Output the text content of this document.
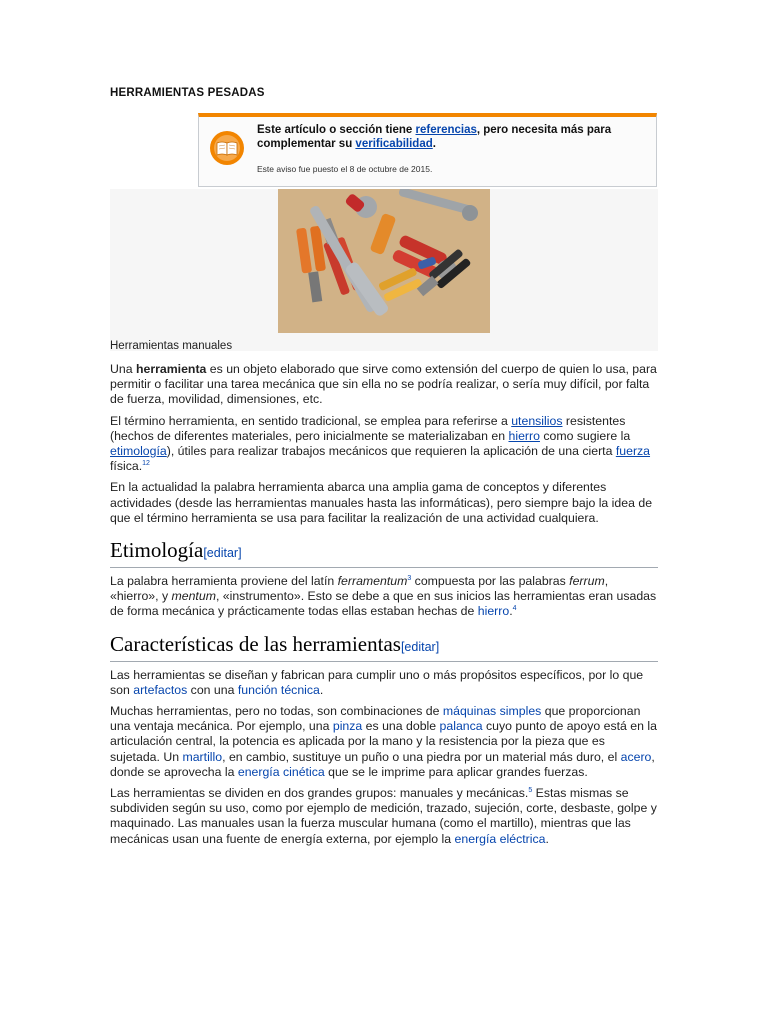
HERRAMIENTAS PESADAS
Este artículo o sección tiene referencias, pero necesita más para complementar su verificabilidad.
Este aviso fue puesto el 8 de octubre de 2015.
Herramientas manuales

Una herramienta es un objeto elaborado que sirve como extensión del cuerpo de quien lo usa, para permitir o facilitar una tarea mecánica que sin ella no se podría realizar, o sería muy difícil, por falta de fuerza, movilidad, dimensiones, etc.

El término herramienta, en sentido tradicional, se emplea para referirse a utensilios resistentes (hechos de diferentes materiales, pero inicialmente se materializaban en hierro como sugiere la etimología), útiles para realizar trabajos mecánicos que requieren la aplicación de una cierta fuerza física.$^{12}$

En la actualidad la palabra herramienta abarca una amplia gama de conceptos y diferentes actividades (desde las herramientas manuales hasta las informáticas), pero siempre bajo la idea de que el término herramienta se usa para facilitar la realización de una actividad cualquiera.

Etimología[editar]

La palabra herramienta proviene del latín ferramentum$^3$ compuesta por las palabras ferrum, «hierro», y mentum, «instrumento». Esto se debe a que en sus inicios las herramientas eran usadas de forma mecánica y prácticamente todas ellas estaban hechas de hierro.$^4$

Características de las herramientas[editar]

Las herramientas se diseñan y fabrican para cumplir uno o más propósitos específicos, por lo que son artefactos con una función técnica.

Muchas herramientas, pero no todas, son combinaciones de máquinas simples que proporcionan una ventaja mecánica. Por ejemplo, una pinza es una doble palanca cuyo punto de apoyo está en la articulación central, la potencia es aplicada por la mano y la resistencia por la pieza que es sujetada. Un martillo, en cambio, sustituye un puño o una piedra por un material más duro, el acero, donde se aprovecha la energía cinética que se le imprime para aplicar grandes fuerzas.

Las herramientas se dividen en dos grandes grupos: manuales y mecánicas.$^5$ Estas mismas se subdividen según su uso, como por ejemplo de medición, trazado, sujeción, corte, desbaste, golpe y maquinado. Las manuales usan la fuerza muscular humana (como el martillo), mientras que las mecánicas usan una fuente de energía externa, por ejemplo la energía eléctrica.
